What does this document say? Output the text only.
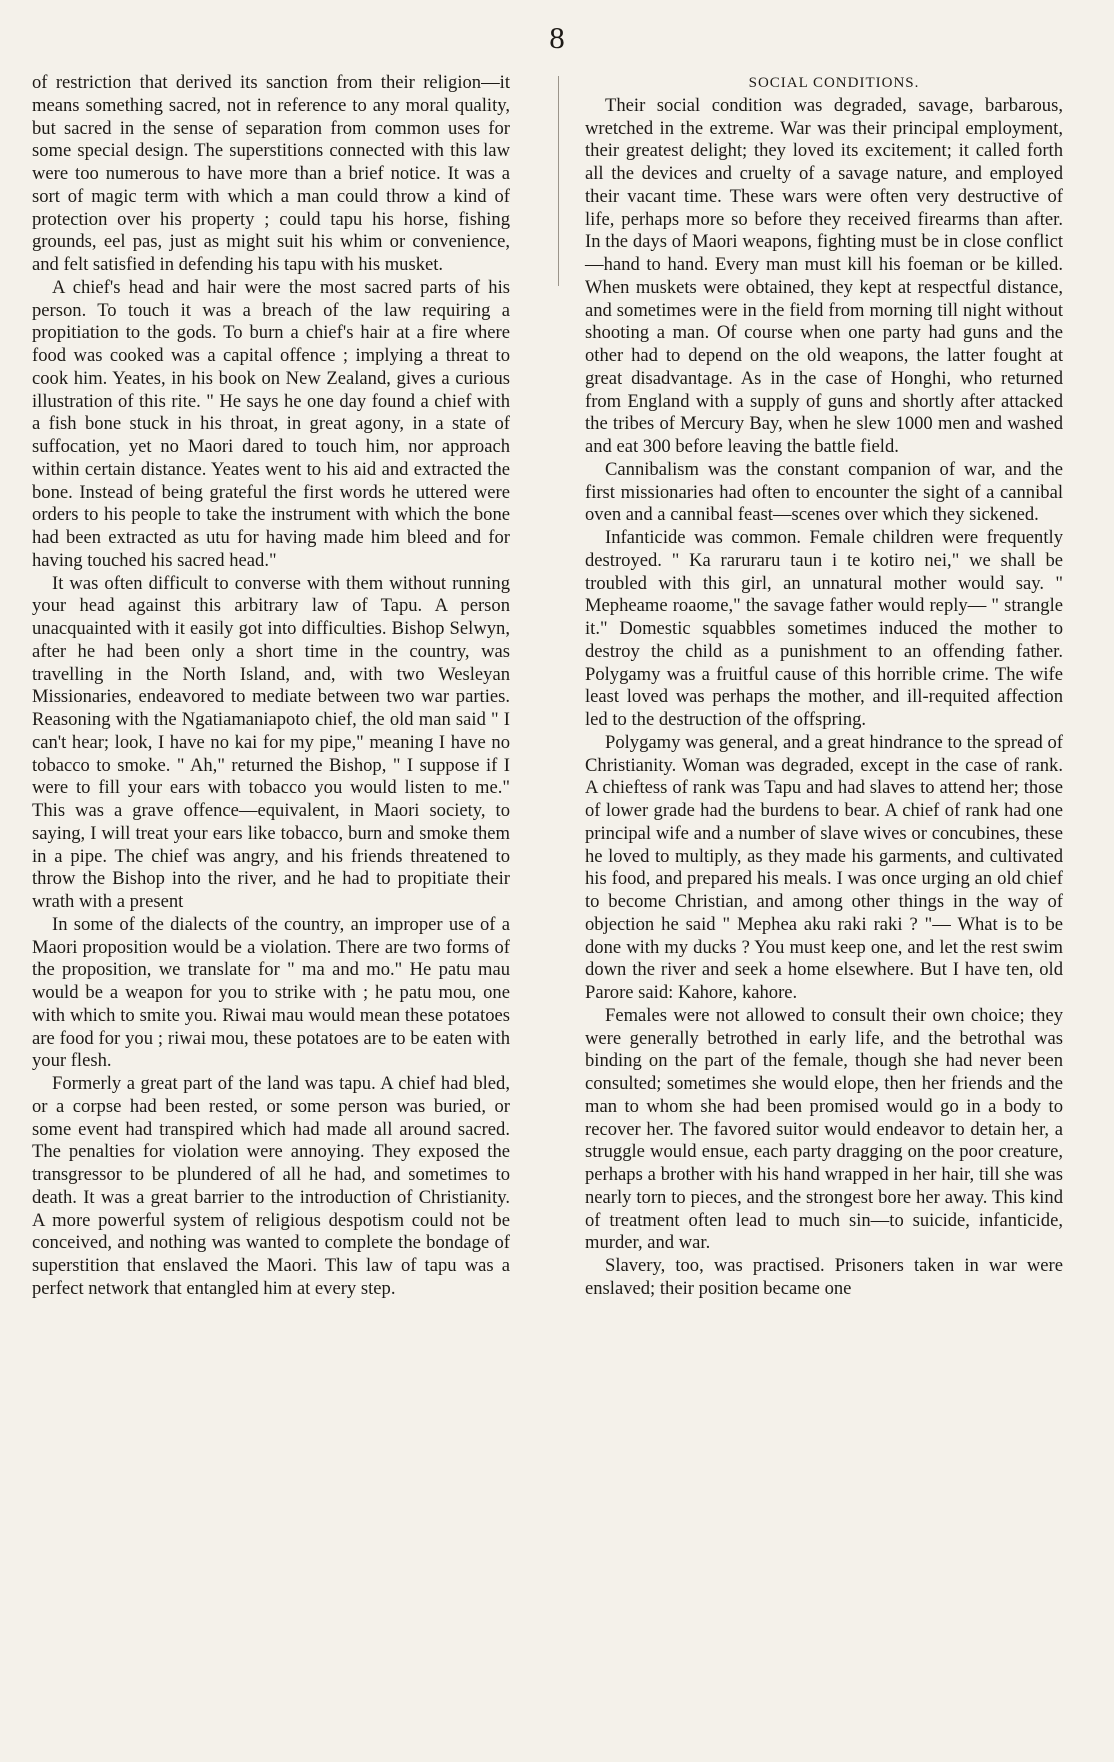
8

of restriction that derived its sanction from their religion—it means something sacred, not in reference to any moral quality, but sacred in the sense of separation from common uses for some special design. The superstitions connected with this law were too numerous to have more than a brief notice. It was a sort of magic term with which a man could throw a kind of protection over his property ; could tapu his horse, fishing grounds, eel pas, just as might suit his whim or convenience, and felt satisfied in defending his tapu with his musket.

A chief's head and hair were the most sacred parts of his person. To touch it was a breach of the law requiring a propitiation to the gods. To burn a chief's hair at a fire where food was cooked was a capital offence ; implying a threat to cook him. Yeates, in his book on New Zealand, gives a curious illustration of this rite. " He says he one day found a chief with a fish bone stuck in his throat, in great agony, in a state of suffocation, yet no Maori dared to touch him, nor approach within certain distance. Yeates went to his aid and extracted the bone. Instead of being grateful the first words he uttered were orders to his people to take the instrument with which the bone had been extracted as utu for having made him bleed and for having touched his sacred head."

It was often difficult to converse with them without running your head against this arbitrary law of Tapu. A person unacquainted with it easily got into difficulties. Bishop Selwyn, after he had been only a short time in the country, was travelling in the North Island, and, with two Wesleyan Missionaries, endeavored to mediate between two war parties. Reasoning with the Ngatiamaniapoto chief, the old man said " I can't hear; look, I have no kai for my pipe," meaning I have no tobacco to smoke. " Ah," returned the Bishop, " I suppose if I were to fill your ears with tobacco you would listen to me." This was a grave offence—equivalent, in Maori society, to saying, I will treat your ears like tobacco, burn and smoke them in a pipe. The chief was angry, and his friends threatened to throw the Bishop into the river, and he had to propitiate their wrath with a present

In some of the dialects of the country, an improper use of a Maori proposition would be a violation. There are two forms of the proposition, we translate for " ma and mo." He patu mau would be a weapon for you to strike with ; he patu mou, one with which to smite you. Riwai mau would mean these potatoes are food for you ; riwai mou, these potatoes are to be eaten with your flesh.

Formerly a great part of the land was tapu. A chief had bled, or a corpse had been rested, or some person was buried, or some event had transpired which had made all around sacred. The penalties for violation were annoying. They exposed the transgressor to be plundered of all he had, and sometimes to death. It was a great barrier to the introduction of Christianity. A more powerful system of religious despotism could not be conceived, and nothing was wanted to complete the bondage of superstition that enslaved the Maori. This law of tapu was a perfect network that entangled him at every step.

SOCIAL CONDITIONS.

Their social condition was degraded, savage, barbarous, wretched in the extreme. War was their principal employment, their greatest delight; they loved its excitement; it called forth all the devices and cruelty of a savage nature, and employed their vacant time. These wars were often very destructive of life, perhaps more so before they received firearms than after. In the days of Maori weapons, fighting must be in close conflict—hand to hand. Every man must kill his foeman or be killed. When muskets were obtained, they kept at respectful distance, and sometimes were in the field from morning till night without shooting a man. Of course when one party had guns and the other had to depend on the old weapons, the latter fought at great disadvantage. As in the case of Honghi, who returned from England with a supply of guns and shortly after attacked the tribes of Mercury Bay, when he slew 1000 men and washed and eat 300 before leaving the battle field.

Cannibalism was the constant companion of war, and the first missionaries had often to encounter the sight of a cannibal oven and a cannibal feast—scenes over which they sickened.

Infanticide was common. Female children were frequently destroyed. " Ka raruraru taun i te kotiro nei," we shall be troubled with this girl, an unnatural mother would say. " Mepheame roaome," the savage father would reply— " strangle it." Domestic squabbles sometimes induced the mother to destroy the child as a punishment to an offending father. Polygamy was a fruitful cause of this horrible crime. The wife least loved was perhaps the mother, and ill-requited affection led to the destruction of the offspring.

Polygamy was general, and a great hindrance to the spread of Christianity. Woman was degraded, except in the case of rank. A chieftess of rank was Tapu and had slaves to attend her; those of lower grade had the burdens to bear. A chief of rank had one principal wife and a number of slave wives or concubines, these he loved to multiply, as they made his garments, and cultivated his food, and prepared his meals. I was once urging an old chief to become Christian, and among other things in the way of objection he said " Mephea aku raki raki ? "— What is to be done with my ducks ? You must keep one, and let the rest swim down the river and seek a home elsewhere. But I have ten, old Parore said: Kahore, kahore.

Females were not allowed to consult their own choice; they were generally betrothed in early life, and the betrothal was binding on the part of the female, though she had never been consulted; sometimes she would elope, then her friends and the man to whom she had been promised would go in a body to recover her. The favored suitor would endeavor to detain her, a struggle would ensue, each party dragging on the poor creature, perhaps a brother with his hand wrapped in her hair, till she was nearly torn to pieces, and the strongest bore her away. This kind of treatment often lead to much sin—to suicide, infanticide, murder, and war.

Slavery, too, was practised. Prisoners taken in war were enslaved; their position became one
